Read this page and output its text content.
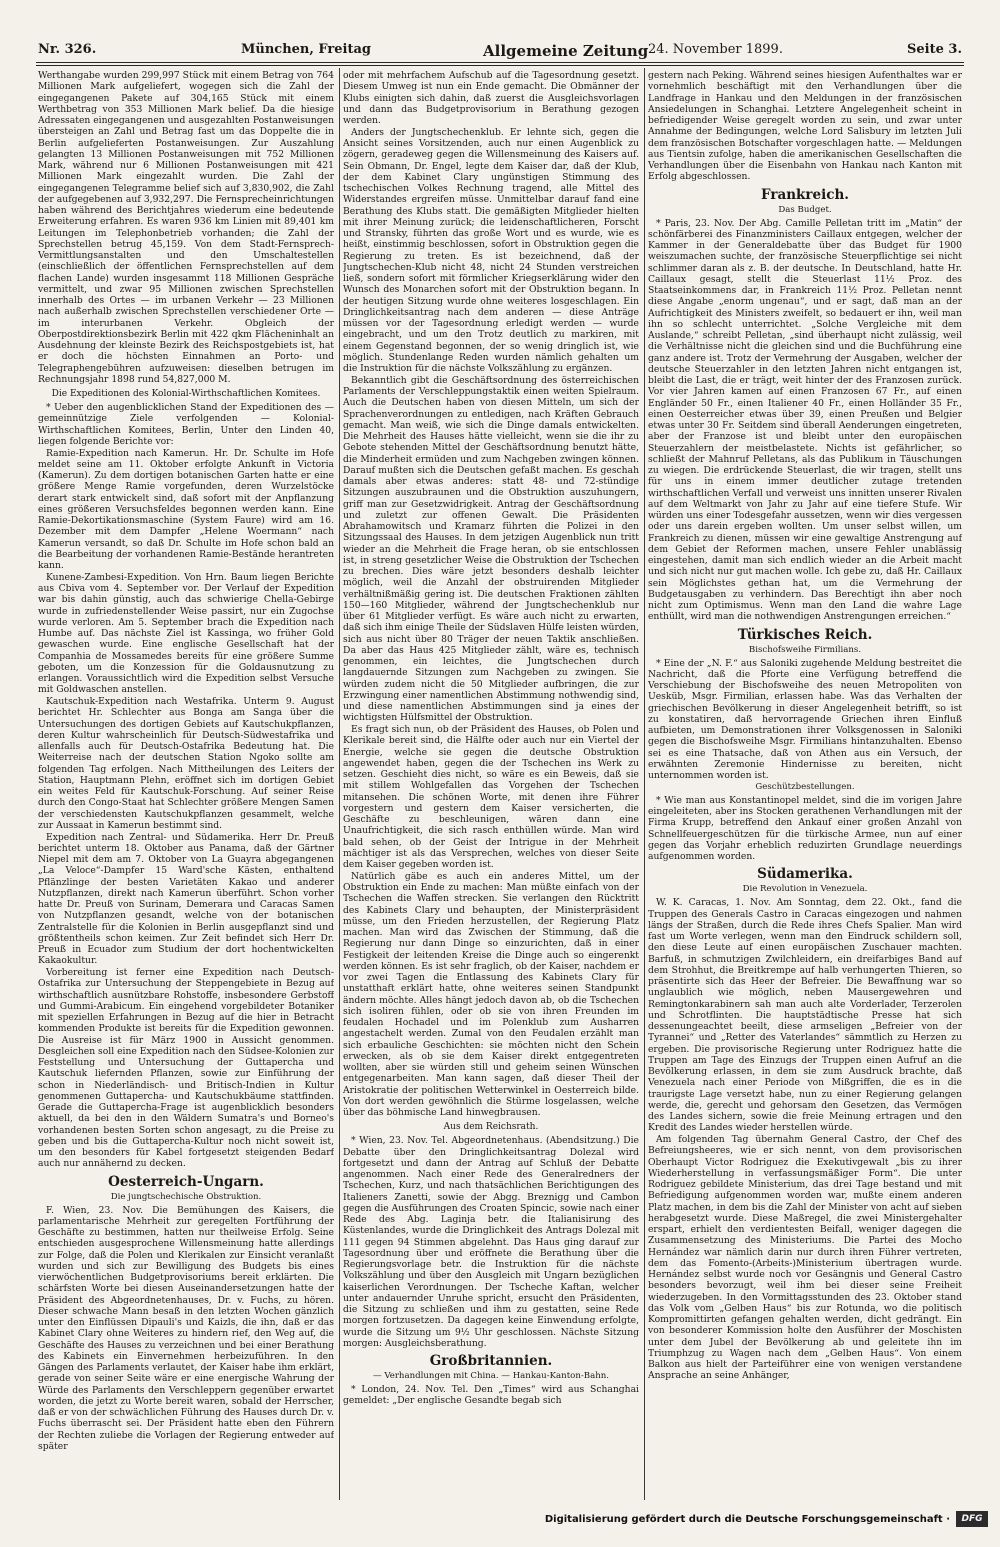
Nr. 326.	München, Freitag	Allgemeine Zeitung 24. November 1899.	Seite 3.

Werthangabe wurden 299,997 Stück mit einem Betrag von 764 Millionen Mark aufgeliefert, wogegen sich die Zahl der eingegangenen Pakete auf 304,165 Stück mit einem Werthbetrag von 353 Millionen Mark belief. Da die hiesige Adressaten eingegangenen und ausgezahlten Postanweisungen übersteigen an Zahl und Betrag fast um das Doppelte die in Berlin aufgelieferten Postanweisungen. Zur Auszahlung gelangten 13 Millionen Postanweisungen mit 752 Millionen Mark, während nur 6 Millionen Postanweisungen mit 421 Millionen Mark eingezahlt wurden. Die Zahl der eingegangenen Telegramme belief sich auf 3,830,902, die Zahl der aufgegebenen auf 3,932,297. Die Fernsprecheinrichtungen haben während des Berichtjahres wiederum eine bedeutende Erweiterung erfahren. Es waren 936 km Linien mit 89,401 km Leitungen im Telephonbetrieb vorhanden; die Zahl der Sprechstellen betrug 45,159. Von dem Stadt-Fernsprech-Vermittlungsanstalten und den Umschaltestellen (einschließlich der öffentlichen Fernsprechstellen auf dem flachen Lande) wurden insgesammt 118 Millionen Gespräche vermittelt, und zwar 95 Millionen zwischen Sprechstellen innerhalb des Ortes — im urbanen Verkehr — 23 Millionen nach außerhalb zwischen Sprechstellen verschiedener Orte — im interurbanen Verkehr. Obgleich der Oberpostdirektionsbezirk Berlin mit 422 qkm Flächeninhalt an Ausdehnung der kleinste Bezirk des Reichspostgebiets ist, hat er doch die höchsten Einnahmen an Porto- und Telegraphengebühren aufzuweisen: dieselben betrugen im Rechnungsjahr 1898 rund 54,827,000 M.

Die Expeditionen des Kolonial-Wirthschaftlichen Komitees.

* Ueber den augenblicklichen Stand der Expeditionen des — gemeinnützige Ziele verfolgenden — Kolonial-Wirthschaftlichen Komitees, Berlin, Unter den Linden 40, liegen folgende Berichte vor:

Ramie-Expedition nach Kamerun. Hr. Dr. Schulte im Hofe meldet seine am 11. Oktober erfolgte Ankunft in Victoria (Kamerun). Zu dem dortigen botanischen Garten hatte er eine größere Menge Ramie vorgefunden, deren Wurzelstöcke derart stark entwickelt sind, daß sofort mit der Anpflanzung eines größeren Versuchsfeldes begonnen werden kann. Eine Ramie-Dekortikationsmaschine (System Faure) wird am 16. Dezember mit dem Dampfer „Helene Woermann“ nach Kamerun versandt, so daß Dr. Schulte im Hofe schon bald an die Bearbeitung der vorhandenen Ramie-Bestände herantreten kann.

Kunene-Zambesi-Expedition. Von Hrn. Baum liegen Berichte aus Cbiva vom 4. September vor. Der Verlauf der Expedition war bis dahin günstig, auch das schwierige Chella-Gebirge wurde in zufriedenstellender Weise passirt, nur ein Zugochse wurde verloren. Am 5. September brach die Expedition nach Humbe auf. Das nächste Ziel ist Kassinga, wo früher Gold gewaschen wurde. Eine englische Gesellschaft hat der Companhia de Mossamedes bereits für eine größere Summe geboten, um die Konzession für die Goldausnutzung zu erlangen. Voraussichtlich wird die Expedition selbst Versuche mit Goldwaschen anstellen.

Kautschuk-Expedition nach Westafrika. Unterm 9. August berichtet Hr. Schlechter aus Bonga am Sanga über die Untersuchungen des dortigen Gebiets auf Kautschukpflanzen, deren Kultur wahrscheinlich für Deutsch-Südwestafrika und allenfalls auch für Deutsch-Ostafrika Bedeutung hat. Die Weiterreise nach der deutschen Station Ngoko sollte am folgenden Tag erfolgen. Nach Mittheilungen des Leiters der Station, Hauptmann Plehn, eröffnet sich im dortigen Gebiet ein weites Feld für Kautschuk-Forschung. Auf seiner Reise durch den Congo-Staat hat Schlechter größere Mengen Samen der verschiedensten Kautschukpflanzen gesammelt, welche zur Aussaat in Kamerun bestimmt sind.

Expedition nach Zentral- und Südamerika. Herr Dr. Preuß berichtet unterm 18. Oktober aus Panama, daß der Gärtner Niepel mit dem am 7. Oktober von La Guayra abgegangenen „La Veloce“-Dampfer 15 Ward'sche Kästen, enthaltend Pflänzlinge der besten Varietäten Kakao und anderer Nutzpflanzen, direkt nach Kamerun überführt. Schon vorher hatte Dr. Preuß von Surinam, Demerara und Caracas Samen von Nutzpflanzen gesandt, welche von der botanischen Zentralstelle für die Kolonien in Berlin ausgepflanzt sind und größtentheils schon keimen. Zur Zeit befindet sich Herr Dr. Preuß in Ecuador zum Studium der dort hochentwickelten Kakaokultur.

Vorbereitung ist ferner eine Expedition nach Deutsch-Ostafrika zur Untersuchung der Steppengebiete in Bezug auf wirthschaftlich ausnützbare Rohstoffe, insbesondere Gerbstoff und Gummi-Arabicum. Ein eingehend vorgebildeter Botaniker mit speziellen Erfahrungen in Bezug auf die hier in Betracht kommenden Produkte ist bereits für die Expedition gewonnen. Die Ausreise ist für März 1900 in Aussicht genommen. Desgleichen soll eine Expedition nach den Südsee-Kolonien zur Feststellung und Untersuchung der Guttapercha und Kautschuk liefernden Pflanzen, sowie zur Einführung der schon in Niederländisch- und Britisch-Indien in Kultur genommenen Guttapercha- und Kautschukbäume stattfinden. Gerade die Guttapercha-Frage ist augenblicklich besonders aktuell, da bei den in den Wäldern Sumatra's und Borneo's vorhandenen besten Sorten schon angesagt, zu die Preise zu geben und bis die Guttapercha-Kultur noch nicht soweit ist, um den besonders für Kabel fortgesetzt steigenden Bedarf auch nur annähernd zu decken.

Oesterreich-Ungarn.
Die jungtschechische Obstruktion.

F. Wien, 23. Nov. Die Bemühungen des Kaisers, die parlamentarische Mehrheit zur geregelten Fortführung der Geschäfte zu bestimmen, hatten nur theilweise Erfolg. Seine entschieden ausgesprochene Willensmeinung hatte allerdings zur Folge, daß die Polen und Klerikalen zur Einsicht veranlaßt wurden und sich zur Bewilligung des Budgets bis eines vierwöchentlichen Budgetprovisoriums bereit erklärten. Die schärfsten Worte bei diesen Auseinandersetzungen hatte der Präsident des Abgeordnetenhauses, Dr. v. Fuchs, zu hören. Dieser schwache Mann besaß in den letzten Wochen gänzlich unter den Einflüssen Dipauli's und Kaizls, die ihn, daß er das Kabinet Clary ohne Weiteres zu hindern rief, den Weg auf, die Geschäfte des Hauses zu verzeichnen und bei einer Berathung des Kabinets ein Einvernehmen herbeizuführen. In den Gängen des Parlaments verlautet, der Kaiser habe ihm erklärt, gerade von seiner Seite wäre er eine energische Wahrung der Würde des Parlaments den Verschleppern gegenüber erwartet worden, die jetzt zu Worte bereit waren, sobald der Herrscher, daß er von der schwächlichen Führung des Hauses durch Dr. v. Fuchs überrascht sei. Der Präsident hatte eben den Führern der Rechten zuliebe die Vorlagen der Regierung entweder auf später

oder mit mehrfachem Aufschub auf die Tagesordnung gesetzt. Diesem Umweg ist nun ein Ende gemacht. Die Obmänner der Klubs einigten sich dahin, daß zuerst die Ausgleichsvorlagen und dann das Budgetprovisorium in Berathung gezogen werden.

Anders der Jungtschechenklub. Er lehnte sich, gegen die Ansicht seines Vorsitzenden, auch nur einen Augenblick zu zögern, geradeweg gegen die Willensmeinung des Kaisers auf. Sein Obmann, Dr. Engel, legte dem Kaiser dar, daß der Klub, der dem Kabinet Clary ungünstigen Stimmung des tschechischen Volkes Rechnung tragend, alle Mittel des Widerstandes ergreifen müsse. Unmittelbar darauf fand eine Berathung des Klubs statt. Die gemäßigten Mitglieder hielten mit ihrer Meinung zurück; die leidenschaftlicheren, Forscht und Stransky, führten das große Wort und es wurde, wie es heißt, einstimmig beschlossen, sofort in Obstruktion gegen die Regierung zu treten. Es ist bezeichnend, daß der Jungtschechen-Klub nicht 48, nicht 24 Stunden verstreichen ließ, sondern sofort mit förmlicher Kriegserklärung wider den Wunsch des Monarchen sofort mit der Obstruktion begann. In der heutigen Sitzung wurde ohne weiteres losgeschlagen. Ein Dringlichkeitsantrag nach dem anderen — diese Anträge müssen vor der Tagesordnung erledigt werden — wurde eingebracht, und um den Trotz deutlich zu markiren, mit einem Gegenstand begonnen, der so wenig dringlich ist, wie möglich. Stundenlange Reden wurden nämlich gehalten um die Instruktion für die nächste Volkszählung zu ergänzen.

Bekanntlich gibt die Geschäftsordnung des österreichischen Parlaments der Verschleppungstaktik einen weiten Spielraum. Auch die Deutschen haben von diesen Mitteln, um sich der Sprachenverordnungen zu entledigen, nach Kräften Gebrauch gemacht. Man weiß, wie sich die Dinge damals entwickelten. Die Mehrheit des Hauses hätte vielleicht, wenn sie die ihr zu Gebote stehenden Mittel der Geschäftsordnung benutzt hätte, die Minderheit ermüden und zum Nachgeben zwingen können. Darauf mußten sich die Deutschen gefaßt machen. Es geschah damals aber etwas anderes: statt 48- und 72-stündige Sitzungen auszubraunen und die Obstruktion auszuhungern, griff man zur Gesetzwidrigkeit. Antrag der Geschäftsordnung und zuletzt zur offenen Gewalt. Die Präsidenten Abrahamowitsch und Kramarz führten die Polizei in den Sitzungssaal des Hauses. In dem jetzigen Augenblick nun tritt wieder an die Mehrheit die Frage heran, ob sie entschlossen ist, in streng gesetzlicher Weise die Obstruktion der Tschechen zu brechen. Dies wäre jetzt besonders deshalb leichter möglich, weil die Anzahl der obstruirenden Mitglieder verhältnißmäßig gering ist. Die deutschen Fraktionen zählten 150—160 Mitglieder, während der Jungtschechenklub nur über 61 Mitglieder verfügt. Es wäre auch nicht zu erwarten, daß sich ihm einige Theile der Südslaven Hülfe leisten würden, sich aus nicht über 80 Träger der neuen Taktik anschließen. Da aber das Haus 425 Mitglieder zählt, wäre es, technisch genommen, ein leichtes, die Jungtschechen durch langdauernde Sitzungen zum Nachgeben zu zwingen. Sie würden zudem nicht die 50 Mitglieder aufbringen, die zur Erzwingung einer namentlichen Abstimmung nothwendig sind, und diese namentlichen Abstimmungen sind ja eines der wichtigsten Hülfsmittel der Obstruktion.

Es fragt sich nun, ob der Präsident des Hauses, ob Polen und Klerikale bereit sind, die Hälfte oder auch nur ein Viertel der Energie, welche sie gegen die deutsche Obstruktion angewendet haben, gegen die der Tschechen ins Werk zu setzen. Geschieht dies nicht, so wäre es ein Beweis, daß sie mit stillem Wohlgefallen das Vorgehen der Tschechen mitansehen. Die schönen Worte, mit denen ihre Führer vorgestern und gestern dem Kaiser versicherten, die Geschäfte zu beschleunigen, wären dann eine Unaufrichtigkeit, die sich rasch enthüllen würde. Man wird bald sehen, ob der Geist der Intrigue in der Mehrheit mächtiger ist als das Versprechen, welches von dieser Seite dem Kaiser gegeben worden ist.

Natürlich gäbe es auch ein anderes Mittel, um der Obstruktion ein Ende zu machen: Man müßte einfach von der Tschechen die Waffen strecken. Sie verlangen den Rücktritt des Kabinets Clary und behaupten, der Ministerpräsident müsse, um den Frieden herzustellen, der Regierung Platz machen. Man wird das Zwischen der Stimmung, daß die Regierung nur dann Dinge so einzurichten, daß in einer Festigkeit der leitenden Kreise die Dinge auch so eingerenkt werden können. Es ist sehr fraglich, ob der Kaiser, nachdem er vor zwei Tagen die Entlassung des Kabinets Clary für unstatthaft erklärt hatte, ohne weiteres seinen Standpunkt ändern möchte. Alles hängt jedoch davon ab, ob die Tschechen sich isoliren fühlen, oder ob sie von ihren Freunden im feudalen Hochadel und im Polenklub zum Ausharren angestachelt werden. Zumal von den Feudalen erzählt man sich erbauliche Geschichten: sie möchten nicht den Schein erwecken, als ob sie dem Kaiser direkt entgegentreten wollten, aber sie würden still und geheim seinen Wünschen entgegenarbeiten. Man kann sagen, daß dieser Theil der Aristokratie der politischen Wetterwinkel in Oesterreich bilde. Von dort werden gewöhnlich die Stürme losgelassen, welche über das böhmische Land hinwegbrausen.

Aus dem Reichsrath.

* Wien, 23. Nov. Tel. Abgeordnetenhaus. (Abendsitzung.) Die Debatte über den Dringlichkeitsantrag Dolezal wird fortgesetzt und dann der Antrag auf Schluß der Debatte angenommen. Nach einer Rede des Generalredners der Tschechen, Kurz, und nach thatsächlichen Berichtigungen des Italieners Zanetti, sowie der Abgg. Breznigg und Cambon gegen die Ausführungen des Croaten Spincic, sowie nach einer Rede des Abg. Laginja betr. die Italianisirung des Küstenlandes, wurde die Dringlichkeit des Antrags Dolezal mit 111 gegen 94 Stimmen abgelehnt. Das Haus ging darauf zur Tagesordnung über und eröffnete die Berathung über die Regierungsvorlage betr. die Instruktion für die nächste Volkszählung und über den Ausgleich mit Ungarn bezüglichen kaiserlichen Verordnungen. Der Tscheche Kaftan, welcher unter andauernder Unruhe spricht, ersucht den Präsidenten, die Sitzung zu schließen und ihm zu gestatten, seine Rede morgen fortzusetzen. Da dagegen keine Einwendung erfolgte, wurde die Sitzung um 9½ Uhr geschlossen. Nächste Sitzung morgen: Ausgleichsberathung.

Großbritannien.
— Verhandlungen mit China. — Hankau-Kanton-Bahn.

* London, 24. Nov. Tel. Den „Times“ wird aus Schanghai gemeldet: „Der englische Gesandte begab sich

gestern nach Peking. Während seines hiesigen Aufenthaltes war er vornehmlich beschäftigt mit den Verhandlungen über die Landfrage in Hankau und den Meldungen in der französischen Ansiedelungen in Schanghai. Letztere Angelegenheit scheint in befriedigender Weise geregelt worden zu sein, und zwar unter Annahme der Bedingungen, welche Lord Salisbury im letzten Juli dem französischen Botschafter vorgeschlagen hatte. — Meldungen aus Tientsin zufolge, haben die amerikanischen Gesellschaften die Verhandlungen über die Eisenbahn von Hankau nach Kanton mit Erfolg abgeschlossen.

Frankreich.
Das Budget.

* Paris, 23. Nov. Der Abg. Camille Pelletan tritt im „Matin“ der schönfärberei des Finanzministers Caillaux entgegen, welcher der Kammer in der Generaldebatte über das Budget für 1900 weiszumachen suchte, der französische Steuerpflichtige sei nicht schlimmer daran als z. B. der deutsche. In Deutschland, hatte Hr. Caillaux gesagt, stellt die Steuerlast 11½ Proz. des Staatseinkommens dar, in Frankreich 11½ Proz. Pelletan nennt diese Angabe „enorm ungenau“, und er sagt, daß man an der Aufrichtigkeit des Ministers zweifelt, so bedauert er ihn, weil man ihn so schlecht unterrichtet. „Solche Vergleiche mit dem Auslande,“ schreibt Pelletan, „sind überhaupt nicht zulässig, weil die Verhältnisse nicht die gleichen sind und die Buchführung eine ganz andere ist. Trotz der Vermehrung der Ausgaben, welcher der deutsche Steuerzahler in den letzten Jahren nicht entgangen ist, bleibt die Last, die er trägt, weit hinter der des Franzosen zurück. Vor vier Jahren kamen auf einen Franzosen 67 Fr., auf einen Engländer 50 Fr., einen Italiener 40 Fr., einen Holländer 35 Fr., einen Oesterreicher etwas über 39, einen Preußen und Belgier etwas unter 30 Fr. Seitdem sind überall Aenderungen eingetreten, aber der Franzose ist und bleibt unter den europäischen Steuerzahlern der meistbelastete. Nichts ist gefährlicher, so schließt der Mahnruf Pelletans, als das Publikum in Täuschungen zu wiegen. Die erdrückende Steuerlast, die wir tragen, stellt uns für uns in einem immer deutlicher zutage tretenden wirthschaftlichen Verfall und verweist uns innitten unserer Rivalen auf dem Weltmarkt von Jahr zu Jahr auf eine tiefere Stufe. Wir würden uns einer Todesgefahr aussetzen, wenn wir dies vergessen oder uns darein ergeben wollten. Um unser selbst willen, um Frankreich zu dienen, müssen wir eine gewaltige Anstrengung auf dem Gebiet der Reformen machen, unsere Fehler unablässig eingestehen, damit man sich endlich wieder an die Arbeit macht und sich nicht nur gut machen wolle. Ich gebe zu, daß Hr. Caillaux sein Möglichstes gethan hat, um die Vermehrung der Budgetausgaben zu verhindern. Das Berechtigt ihn aber noch nicht zum Optimismus. Wenn man den Land die wahre Lage enthüllt, wird man die nothwendigen Anstrengungen erreichen.“

Türkisches Reich.
Bischofsweihe Firmilians.

* Eine der „N. F.“ aus Saloniki zugehende Meldung bestreitet die Nachricht, daß die Pforte eine Verfügung betreffend die Verschiebung der Bischofsweihe des neuen Metropoliten von Uesküb, Msgr. Firmilian, erlassen habe. Was das Verhalten der griechischen Bevölkerung in dieser Angelegenheit betrifft, so ist zu konstatiren, daß hervorragende Griechen ihren Einfluß aufbieten, um Demonstrationen ihrer Volksgenossen in Saloniki gegen die Bischofsweihe Msgr. Firmilians hintanzuhalten. Ebenso sei es eine Thatsache, daß von Athen aus ein Versuch, der erwähnten Zeremonie Hindernisse zu bereiten, nicht unternommen worden ist.

Geschützbestellungen.

* Wie man aus Konstantinopel meldet, sind die im vorigen Jahre eingeleiteten, aber ins Stocken gerathenen Verhandlungen mit der Firma Krupp, betreffend den Ankauf einer großen Anzahl von Schnellfeuergeschützen für die türkische Armee, nun auf einer gegen das Vorjahr erheblich reduzirten Grundlage neuerdings aufgenommen worden.

Südamerika.
Die Revolution in Venezuela.

W. K. Caracas, 1. Nov. Am Sonntag, dem 22. Okt., fand die Truppen des Generals Castro in Caracas eingezogen und nahmen längs der Straßen, durch die Rede ihres Chefs Spalier. Man wird fast um Worte verlegen, wenn man den Eindruck schildern soll, den diese Leute auf einen europäischen Zuschauer machten. Barfuß, in schmutzigen Zwilchleidern, ein dreifarbiges Band auf dem Strohhut, die Breitkrempe auf halb verhungerten Thieren, so präsentirte sich das Heer der Befreier. Die Bewaffnung war so unglaublich wie möglich, neben Mausergewehren und Remingtonkarabinern sah man auch alte Vorderlader, Terzerolen und Schrotflinten. Die hauptstädtische Presse hat sich dessenungeachtet beeilt, diese armseligen „Befreier von der Tyrannei“ und „Retter des Vaterlandes“ sämmtlich zu Herzen zu ergeben. Die provisorische Regierung unter Rodriguez hatte die Truppen am Tage des Einzugs der Truppen einen Aufruf an die Bevölkerung erlassen, in dem sie zum Ausdruck brachte, daß Venezuela nach einer Periode von Mißgriffen, die es in die traurigste Lage versetzt habe, nun zu einer Regierung gelangen werde, die, gerecht und gehorsam den Gesetzen, das Vermögen des Landes sichern, sowie die freie Meinung ertragen und den Kredit des Landes wieder herstellen würde.

Am folgenden Tag übernahm General Castro, der Chef des Befreiungsheeres, wie er sich nennt, von dem provisorischen Oberhaupt Victor Rodriguez die Exekutivgewalt „bis zu ihrer Wiederherstellung in verfassungsmäßiger Form“. Die unter Rodriguez gebildete Ministerium, das drei Tage bestand und mit Befriedigung aufgenommen worden war, mußte einem anderen Platz machen, in dem bis die Zahl der Minister von acht auf sieben herabgesetzt wurde. Diese Maßregel, die zwei Ministergehalter erspart, erhielt den verdientesten Beifall, weniger dagegen die Zusammensetzung des Ministeriums. Die Partei des Mocho Hernández war nämlich darin nur durch ihren Führer vertreten, dem das Fomento-(Arbeits-)Ministerium übertragen wurde. Hernández selbst wurde noch vor Gesängnis und General Castro besonders bevorzugt, weil ihm bei dieser seine Freiheit wiederzugeben. In den Vormittagsstunden des 23. Oktober stand das Volk vom „Gelben Haus“ bis zur Rotunda, wo die politisch Kompromittirten gefangen gehalten werden, dicht gedrängt. Ein von besonderer Kommission holte den Ausführer der Moschisten unter dem Jubel der Bevölkerung ab und geleitete ihn im Triumphzug zu Wagen nach dem „Gelben Haus“. Von einem Balkon aus hielt der Parteiführer eine von wenigen verstandene Ansprache an seine Anhänger,

Digitalisierung gefördert durch die Deutsche Forschungsgemeinschaft ·	DFG
